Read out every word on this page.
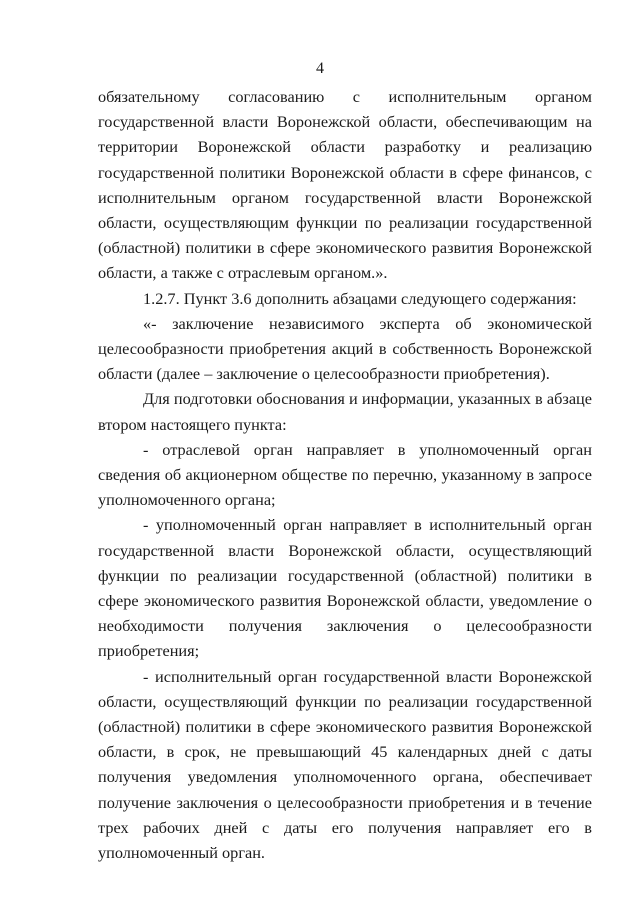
4

обязательному согласованию с исполнительным органом государственной власти Воронежской области, обеспечивающим на территории Воронежской области разработку и реализацию государственной политики Воронежской области в сфере финансов, с исполнительным органом государственной власти Воронежской области, осуществляющим функции по реализации государственной (областной) политики в сфере экономического развития Воронежской области, а также с отраслевым органом.».

1.2.7. Пункт 3.6 дополнить абзацами следующего содержания:

«- заключение независимого эксперта об экономической целесообразности приобретения акций в собственность Воронежской области (далее – заключение о целесообразности приобретения).

Для подготовки обоснования и информации, указанных в абзаце втором настоящего пункта:

- отраслевой орган направляет в уполномоченный орган сведения об акционерном обществе по перечню, указанному в запросе уполномоченного органа;

- уполномоченный орган направляет в исполнительный орган государственной власти Воронежской области, осуществляющий функции по реализации государственной (областной) политики в сфере экономического развития Воронежской области, уведомление о необходимости получения заключения о целесообразности приобретения;

- исполнительный орган государственной власти Воронежской области, осуществляющий функции по реализации государственной (областной) политики в сфере экономического развития Воронежской области, в срок, не превышающий 45 календарных дней с даты получения уведомления уполномоченного органа, обеспечивает получение заключения о целесообразности приобретения и в течение трех рабочих дней с даты его получения направляет его в уполномоченный орган.
